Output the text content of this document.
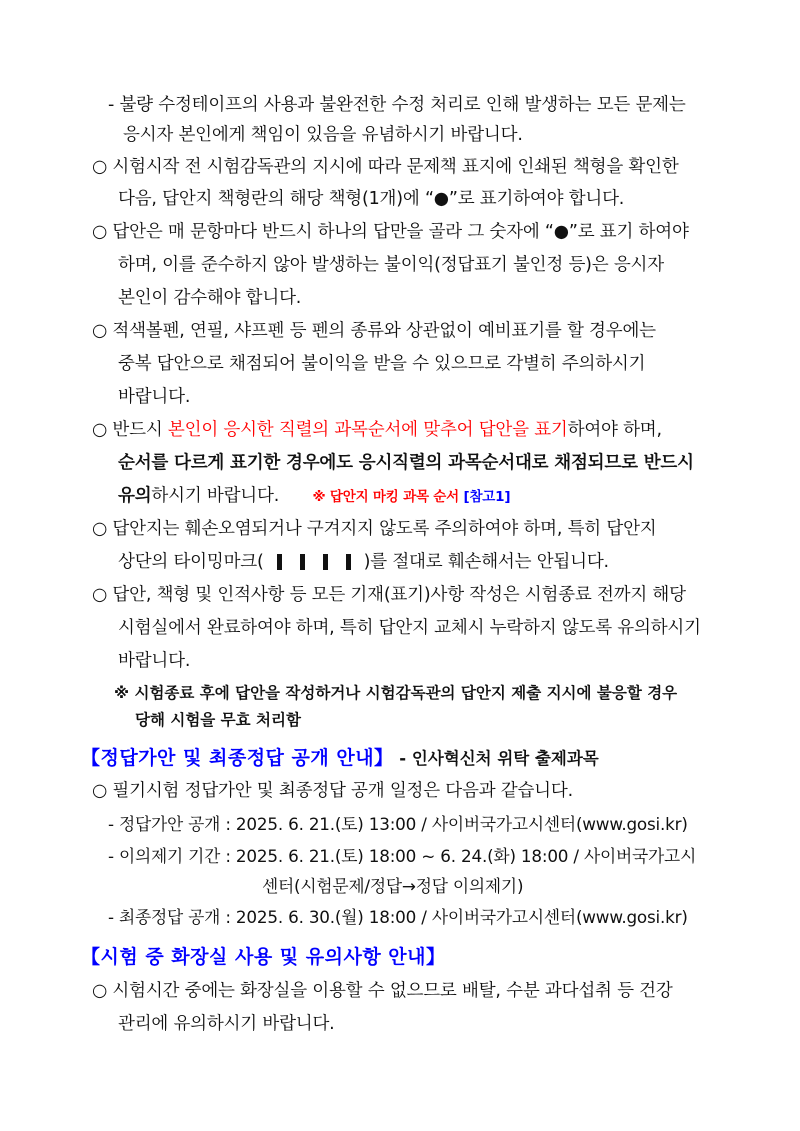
- 불량 수정테이프의 사용과 불완전한 수정 처리로 인해 발생하는 모든 문제는
응시자 본인에게 책임이 있음을 유념하시기 바랍니다.
○ 시험시작 전 시험감독관의 지시에 따라 문제책 표지에 인쇄된 책형을 확인한
다음, 답안지 책형란의 해당 책형(1개)에 “●”로 표기하여야 합니다.
○ 답안은 매 문항마다 반드시 하나의 답만을 골라 그 숫자에 “●”로 표기 하여야
하며, 이를 준수하지 않아 발생하는 불이익(정답표기 불인정 등)은 응시자
본인이 감수해야 합니다.
○ 적색볼펜, 연필, 샤프펜 등 펜의 종류와 상관없이 예비표기를 할 경우에는
중복 답안으로 채점되어 불이익을 받을 수 있으므로 각별히 주의하시기
바랍니다.
○ 반드시 본인이 응시한 직렬의 과목순서에 맞추어 답안을 표기하여야 하며,
순서를 다르게 표기한 경우에도 응시직렬의 과목순서대로 채점되므로 반드시
유의하시기 바랍니다. ※ 답안지 마킹 과목 순서 [참고1]
○ 답안지는 훼손오염되거나 구겨지지 않도록 주의하여야 하며, 특히 답안지
상단의 타이밍마크(	)를 절대로 훼손해서는 안됩니다.
○ 답안, 책형 및 인적사항 등 모든 기재(표기)사항 작성은 시험종료 전까지 해당
시험실에서 완료하여야 하며, 특히 답안지 교체시 누락하지 않도록 유의하시기
바랍니다.
※ 시험종료 후에 답안을 작성하거나 시험감독관의 답안지 제출 지시에 불응할 경우
당해 시험을 무효 처리함
【정답가안 및 최종정답 공개 안내】 - 인사혁신처 위탁 출제과목
○ 필기시험 정답가안 및 최종정답 공개 일정은 다음과 같습니다.
- 정답가안 공개 : 2025. 6. 21.(토) 13:00 / 사이버국가고시센터(www.gosi.kr)
- 이의제기 기간 : 2025. 6. 21.(토) 18:00 ~ 6. 24.(화) 18:00 / 사이버국가고시
센터(시험문제/정답→정답 이의제기)
- 최종정답 공개 : 2025. 6. 30.(월) 18:00 / 사이버국가고시센터(www.gosi.kr)
【시험 중 화장실 사용 및 유의사항 안내】
○ 시험시간 중에는 화장실을 이용할 수 없으므로 배탈, 수분 과다섭취 등 건강
관리에 유의하시기 바랍니다.
